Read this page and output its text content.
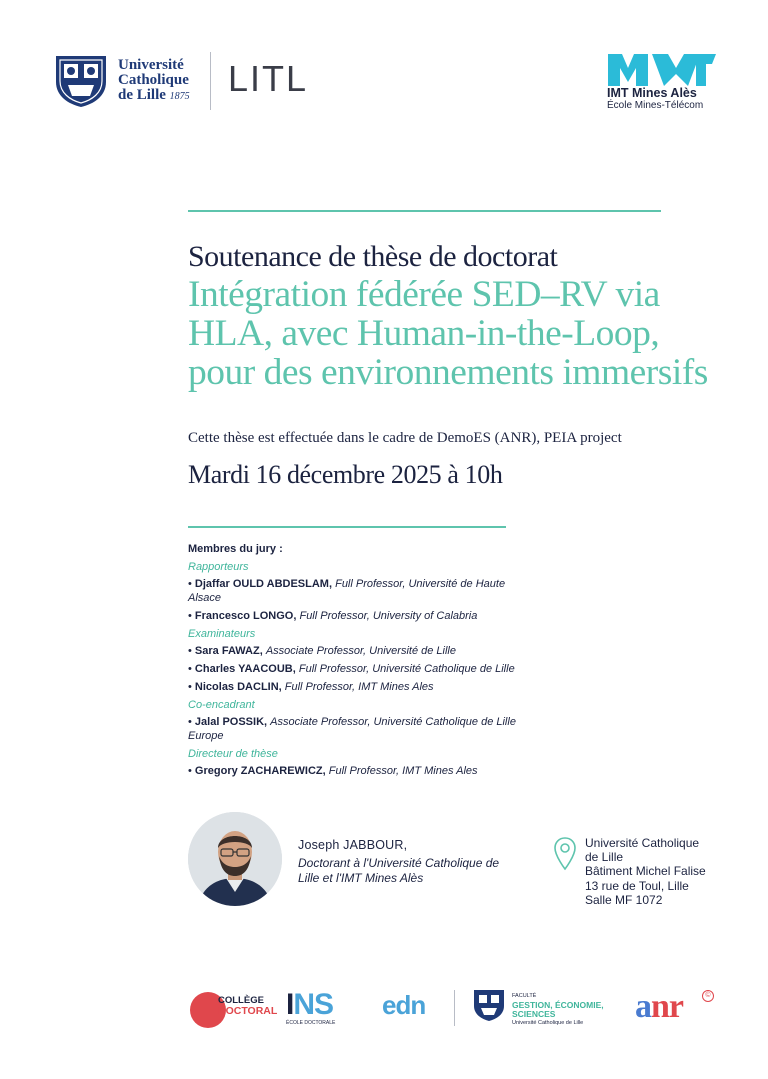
Université
Catholique
de Lille 1875 LITL	IMT Mines Alès
École Mines-Télécom
Soutenance de thèse de doctorat
Intégration fédérée SED–RV via HLA, avec Human-in-the-Loop, pour des environnements immersifs
Cette thèse est effectuée dans le cadre de DemoES (ANR), PEIA project
Mardi 16 décembre 2025 à 10h
Membres du jury :
Rapporteurs
• Djaffar OULD ABDESLAM, Full Professor, Université de Haute Alsace
• Francesco LONGO, Full Professor, University of Calabria
Examinateurs
• Sara FAWAZ, Associate Professor, Université de Lille
• Charles YAACOUB, Full Professor, Université Catholique de Lille
• Nicolas DACLIN, Full Professor, IMT Mines Ales
Co-encadrant
• Jalal POSSIK, Associate Professor, Université Catholique de Lille Europe
Directeur de thèse
• Gregory ZACHAREWICZ, Full Professor, IMT Mines Ales
Joseph JABBOUR,
Doctorant à l'Université Catholique de Lille et l'IMT Mines Alès
Université Catholique
de Lille
Bâtiment Michel Falise
13 rue de Toul, Lille
Salle MF 1072
COLLÈGE
DOCTORAL INS
ÉCOLE DOCTORALE
edn	FACULTÉ
GESTION, ÉCONOMIE,
SCIENCES
Université Catholique de Lille	anr	©
